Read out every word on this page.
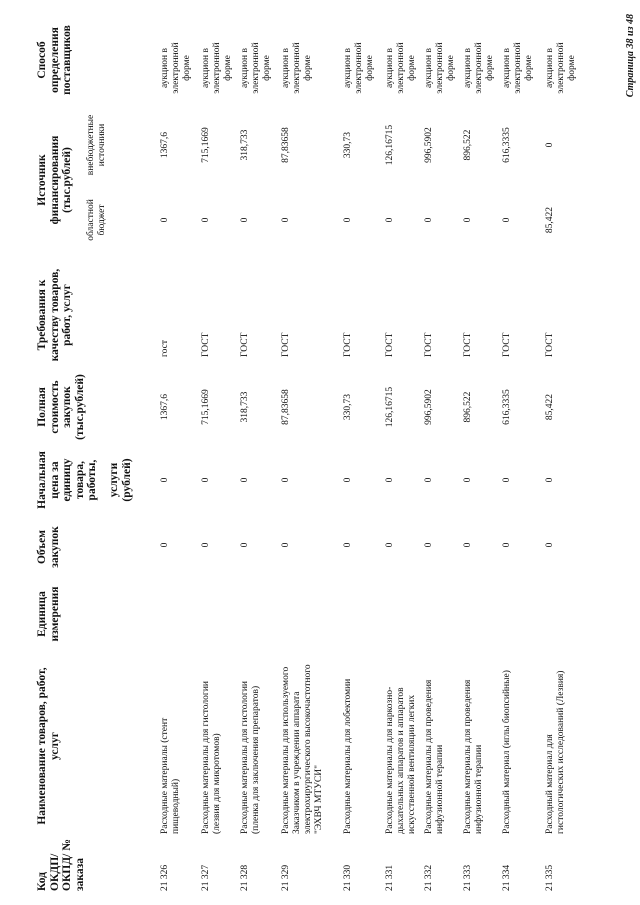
Код ОКДП/ ОКПД/ № заказа
Наименование товаров, работ, услуг
Единица измерения
Объем закупок
Начальная цена за единицу товара, работы, услуги (рублей)
Полная стоимость закупок (тыс.рублей)
Требования к качеству товаров, работ, услуг
Источник финансирования (тыс.рублей)
областной бюджет
внебюджетные источники
Способ определения поставщиков
21 326
Расходные материалы (стент пищеводный)
0
0
1367,6
гост
0
1367,6
аукцион в электронной форме
21 327
Расходные материалы для гистологии (лезвия для микротомов)
0
0
715,1669
ГОСТ
0
715,1669
аукцион в электронной форме
21 328
Расходные материалы для гистологии (пленка для заключения препаратов)
0
0
318,733
ГОСТ
0
318,733
аукцион в электронной форме
21 329
Расходные материалы для используемого Заказчиком в учреждении аппарата электрохирургического высокочастотного "ЭХВЧ МТУСИ"
0
0
87,83658
ГОСТ
0
87,83658
аукцион в электронной форме
21 330
Расходные материалы для лобектомии
0
0
330,73
ГОСТ
0
330,73
аукцион в электронной форме
21 331
Расходные материалы для наркозно-дыхательных аппаратов и аппаратов искусственной вентиляции легких
0
0
126,16715
ГОСТ
0
126,16715
аукцион в электронной форме
21 332
Расходные материалы для проведения инфузионной терапии
0
0
996,5902
ГОСТ
0
996,5902
аукцион в электронной форме
21 333
Расходные материалы для проведения инфузионной терапии
0
0
896,522
ГОСТ
0
896,522
аукцион в электронной форме
21 334
Расходный материал (иглы биопсийные)
0
0
616,3335
ГОСТ
0
616,3335
аукцион в электронной форме
21 335
Расходный материал для гистологических исследований (Лезвия)
0
0
85,422
ГОСТ
85,422
0
аукцион в электронной форме	Страница 38 из 48
